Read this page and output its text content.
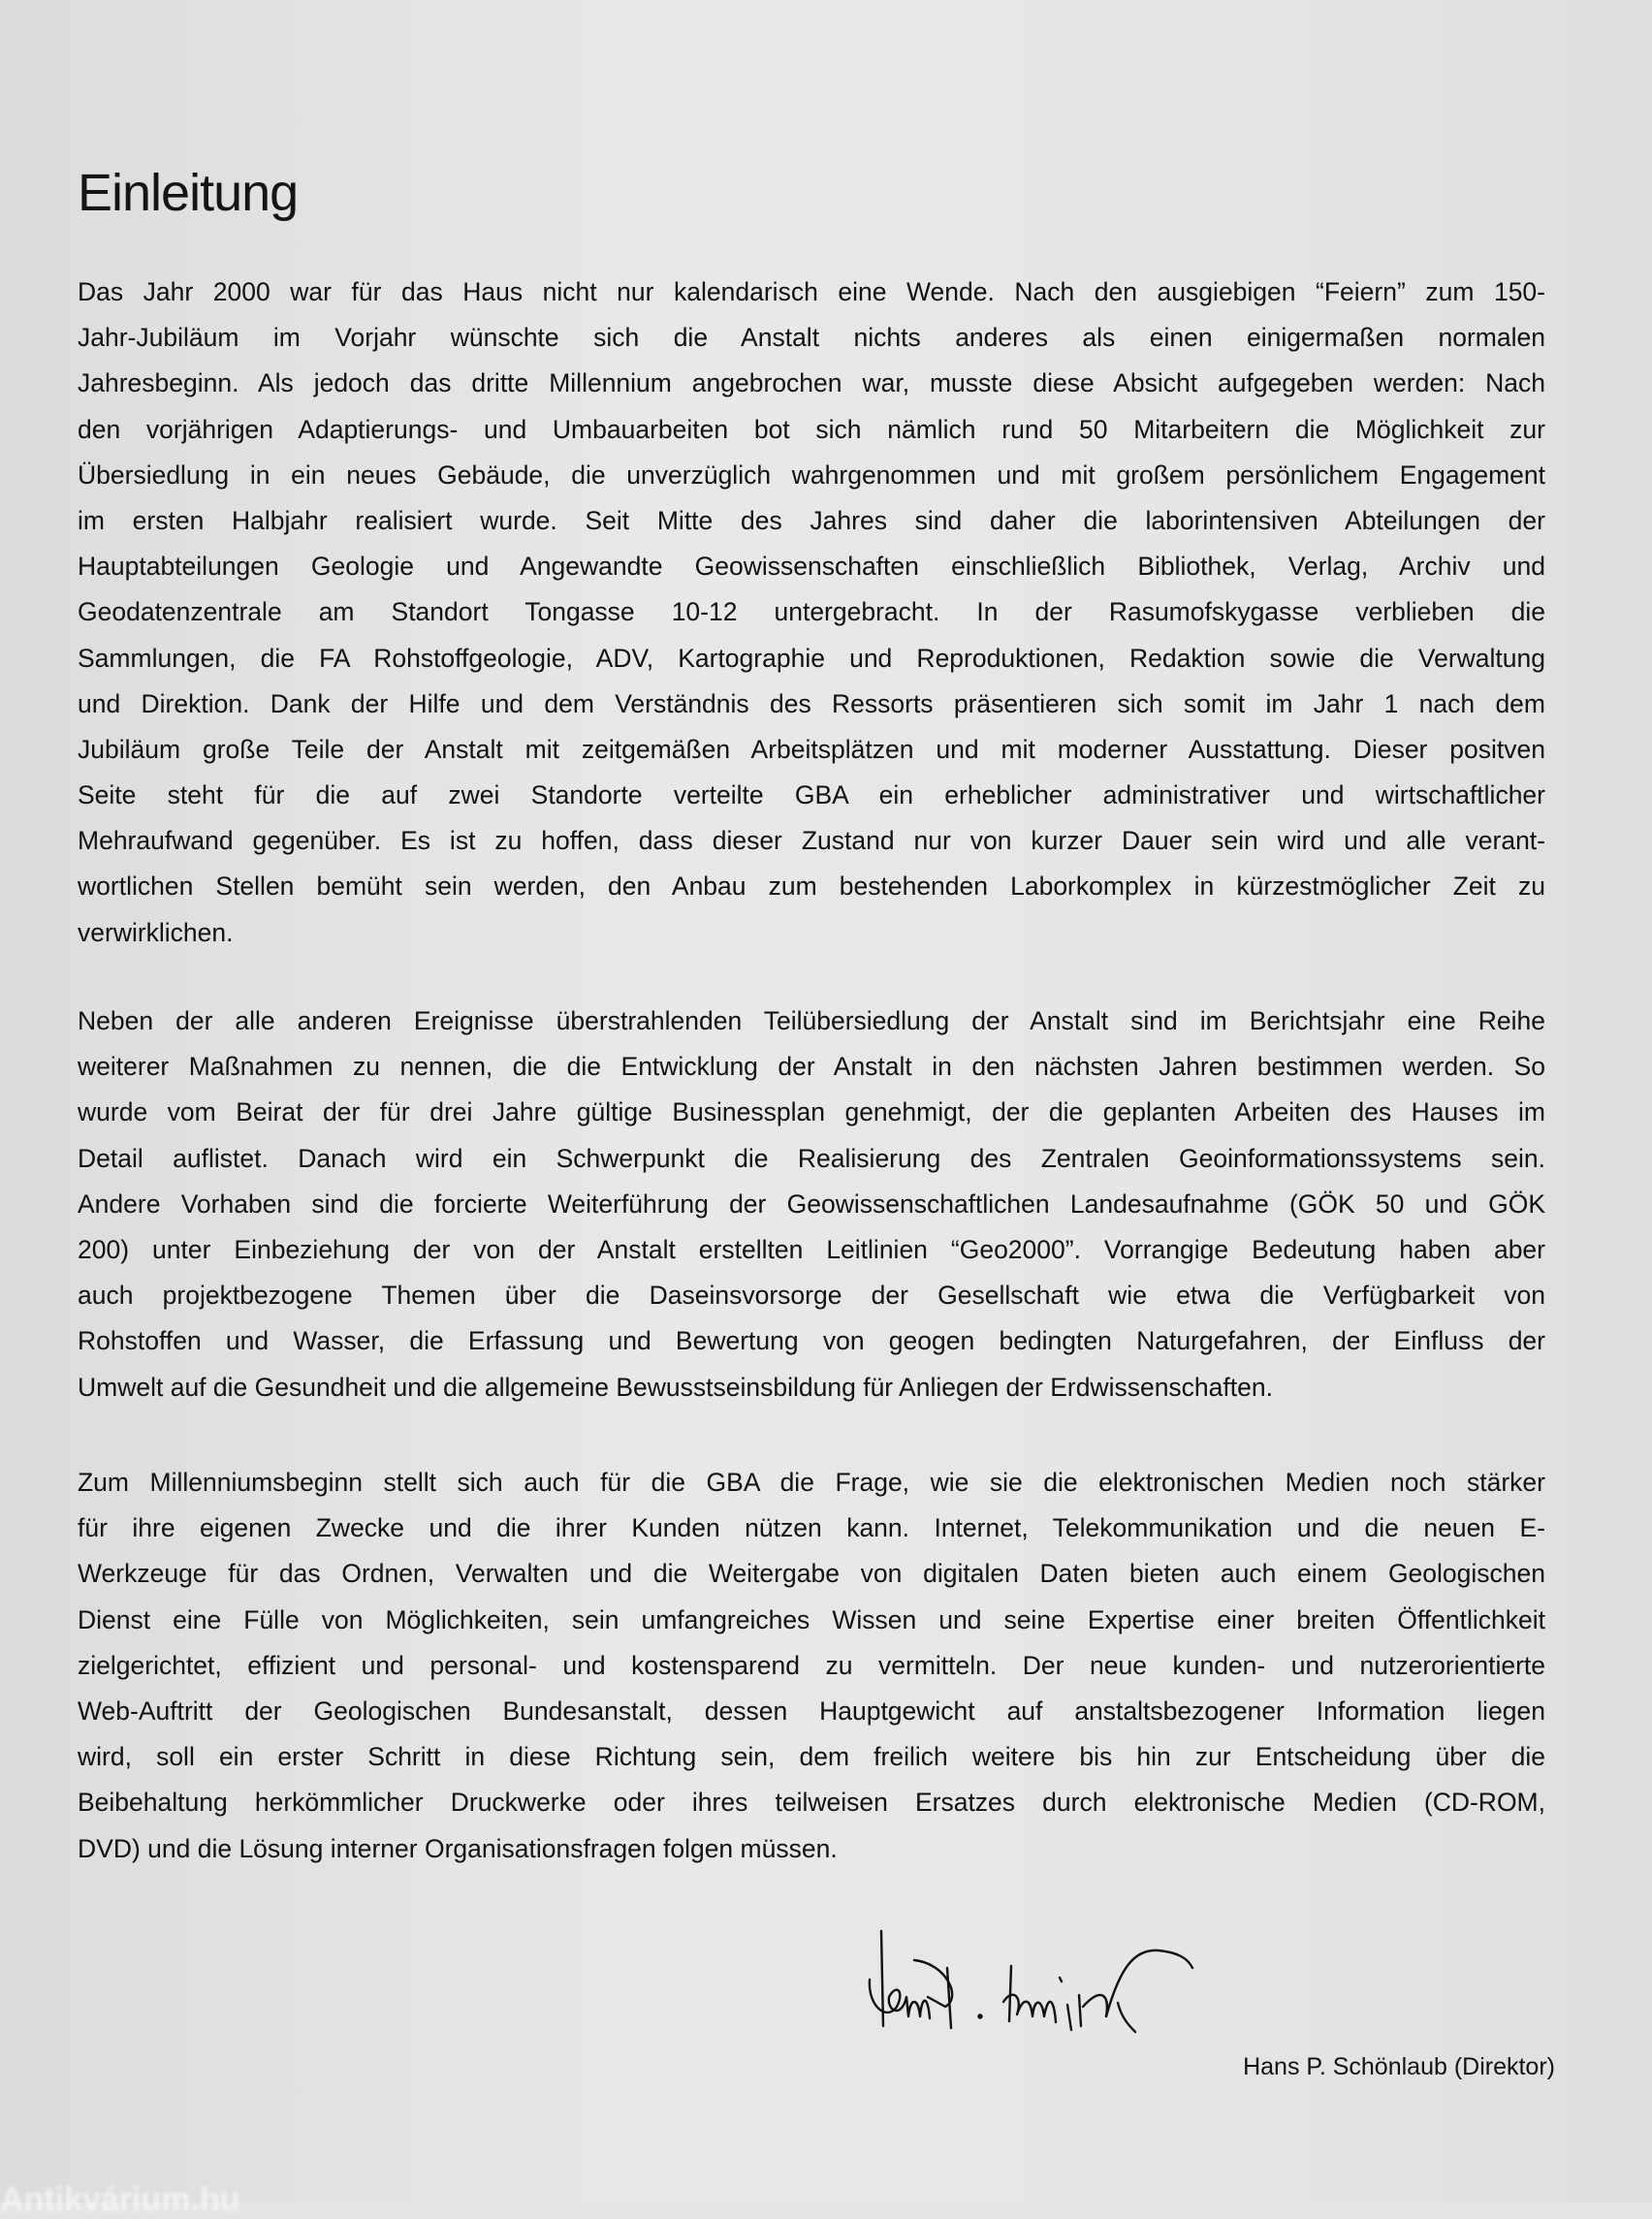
Einleitung
Das Jahr 2000 war für das Haus nicht nur kalendarisch eine Wende. Nach den ausgiebigen “Feiern” zum 150-
Jahr-Jubiläum im Vorjahr wünschte sich die Anstalt nichts anderes als einen einigermaßen normalen
Jahresbeginn. Als jedoch das dritte Millennium angebrochen war, musste diese Absicht aufgegeben werden: Nach
den vorjährigen Adaptierungs- und Umbauarbeiten bot sich nämlich rund 50 Mitarbeitern die Möglichkeit zur
Übersiedlung in ein neues Gebäude, die unverzüglich wahrgenommen und mit großem persönlichem Engagement
im ersten Halbjahr realisiert wurde. Seit Mitte des Jahres sind daher die laborintensiven Abteilungen der
Hauptabteilungen Geologie und Angewandte Geowissenschaften einschließlich Bibliothek, Verlag, Archiv und
Geodatenzentrale am Standort Tongasse 10-12 untergebracht. In der Rasumofskygasse verblieben die
Sammlungen, die FA Rohstoffgeologie, ADV, Kartographie und Reproduktionen, Redaktion sowie die Verwaltung
und Direktion. Dank der Hilfe und dem Verständnis des Ressorts präsentieren sich somit im Jahr 1 nach dem
Jubiläum große Teile der Anstalt mit zeitgemäßen Arbeitsplätzen und mit moderner Ausstattung. Dieser positven
Seite steht für die auf zwei Standorte verteilte GBA ein erheblicher administrativer und wirtschaftlicher
Mehraufwand gegenüber. Es ist zu hoffen, dass dieser Zustand nur von kurzer Dauer sein wird und alle verant-
wortlichen Stellen bemüht sein werden, den Anbau zum bestehenden Laborkomplex in kürzestmöglicher Zeit zu
verwirklichen.
Neben der alle anderen Ereignisse überstrahlenden Teilübersiedlung der Anstalt sind im Berichtsjahr eine Reihe
weiterer Maßnahmen zu nennen, die die Entwicklung der Anstalt in den nächsten Jahren bestimmen werden. So
wurde vom Beirat der für drei Jahre gültige Businessplan genehmigt, der die geplanten Arbeiten des Hauses im
Detail auflistet. Danach wird ein Schwerpunkt die Realisierung des Zentralen Geoinformationssystems sein.
Andere Vorhaben sind die forcierte Weiterführung der Geowissenschaftlichen Landesaufnahme (GÖK 50 und GÖK
200) unter Einbeziehung der von der Anstalt erstellten Leitlinien “Geo2000”. Vorrangige Bedeutung haben aber
auch projektbezogene Themen über die Daseinsvorsorge der Gesellschaft wie etwa die Verfügbarkeit von
Rohstoffen und Wasser, die Erfassung und Bewertung von geogen bedingten Naturgefahren, der Einfluss der
Umwelt auf die Gesundheit und die allgemeine Bewusstseinsbildung für Anliegen der Erdwissenschaften.
Zum Millenniumsbeginn stellt sich auch für die GBA die Frage, wie sie die elektronischen Medien noch stärker
für ihre eigenen Zwecke und die ihrer Kunden nützen kann. Internet, Telekommunikation und die neuen E-
Werkzeuge für das Ordnen, Verwalten und die Weitergabe von digitalen Daten bieten auch einem Geologischen
Dienst eine Fülle von Möglichkeiten, sein umfangreiches Wissen und seine Expertise einer breiten Öffentlichkeit
zielgerichtet, effizient und personal- und kostensparend zu vermitteln. Der neue kunden- und nutzerorientierte
Web-Auftritt der Geologischen Bundesanstalt, dessen Hauptgewicht auf anstaltsbezogener Information liegen
wird, soll ein erster Schritt in diese Richtung sein, dem freilich weitere bis hin zur Entscheidung über die
Beibehaltung herkömmlicher Druckwerke oder ihres teilweisen Ersatzes durch elektronische Medien (CD-ROM,
DVD) und die Lösung interner Organisationsfragen folgen müssen.
Hans P. Schönlaub (Direktor)
Antikvárium.hu
